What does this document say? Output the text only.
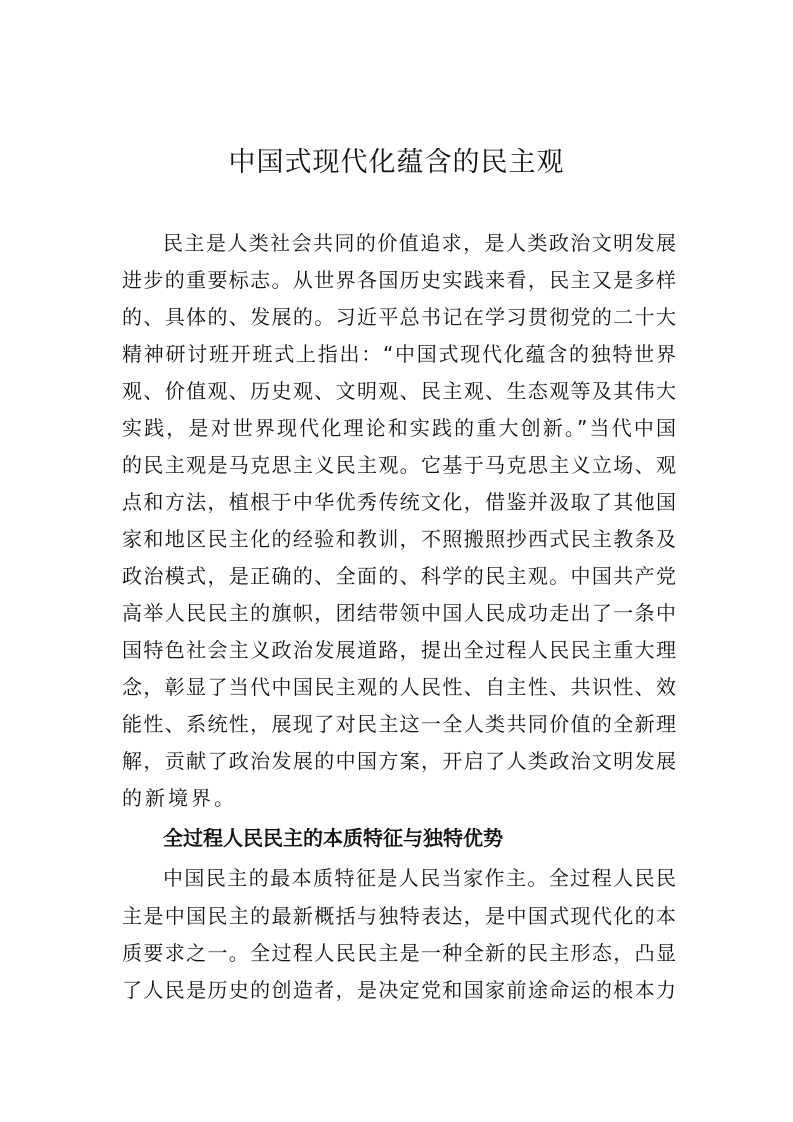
中国式现代化蕴含的民主观
民主是人类社会共同的价值追求，是人类政治文明发展
进步的重要标志。从世界各国历史实践来看，民主又是多样
的、具体的、发展的。习近平总书记在学习贯彻党的二十大
精神研讨班开班式上指出：“中国式现代化蕴含的独特世界
观、价值观、历史观、文明观、民主观、生态观等及其伟大
实践，是对世界现代化理论和实践的重大创新。”当代中国
的民主观是马克思主义民主观。它基于马克思主义立场、观
点和方法，植根于中华优秀传统文化，借鉴并汲取了其他国
家和地区民主化的经验和教训，不照搬照抄西式民主教条及
政治模式，是正确的、全面的、科学的民主观。中国共产党
高举人民民主的旗帜，团结带领中国人民成功走出了一条中
国特色社会主义政治发展道路，提出全过程人民民主重大理
念，彰显了当代中国民主观的人民性、自主性、共识性、效
能性、系统性，展现了对民主这一全人类共同价值的全新理
解，贡献了政治发展的中国方案，开启了人类政治文明发展
的新境界。
全过程人民民主的本质特征与独特优势
中国民主的最本质特征是人民当家作主。全过程人民民
主是中国民主的最新概括与独特表达，是中国式现代化的本
质要求之一。全过程人民民主是一种全新的民主形态，凸显
了人民是历史的创造者，是决定党和国家前途命运的根本力
